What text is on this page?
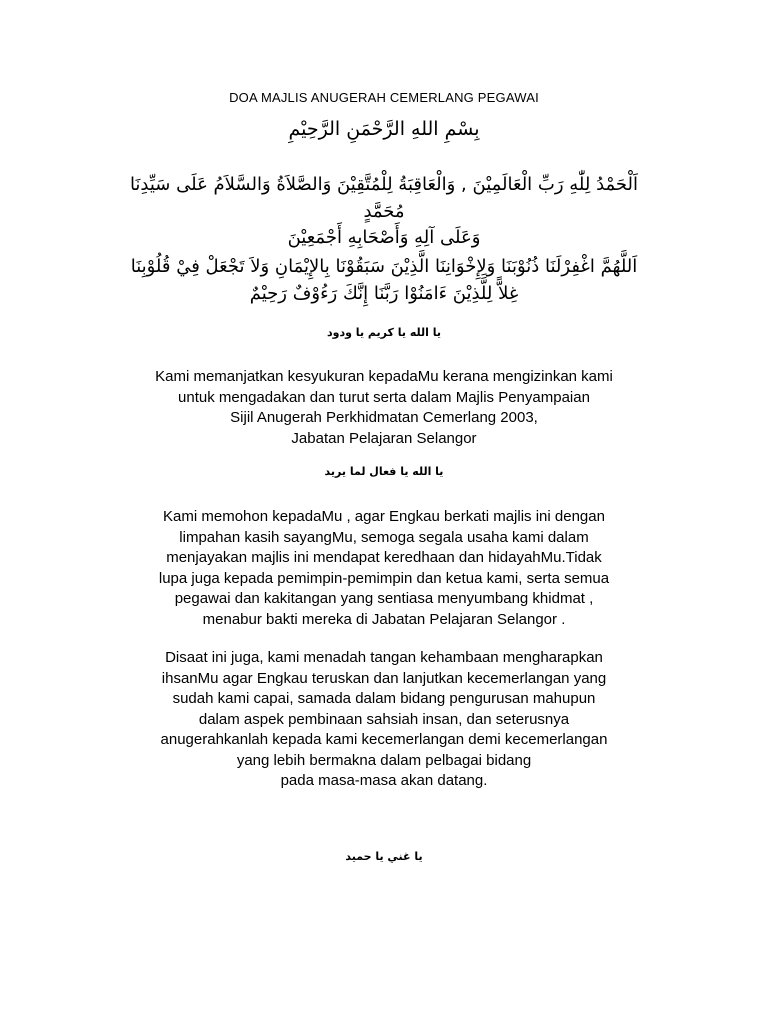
DOA MAJLIS ANUGERAH CEMERLANG PEGAWAI
بِسْمِ اللهِ الرَّحْمَنِ الرَّحِيْمِ
اَلْحَمْدُ لِلّٰهِ رَبِّ الْعَالَمِيْنَ , وَالْعَاقِبَةُ لِلْمُتَّقِيْنَ وَالصَّلاَةُ وَالسَّلاَمُ عَلَى سَيِّدِنَا
مُحَمَّدٍ
وَعَلَى آلِهِ وَأَصْحَابِهِ أَجْمَعِيْنَ
اَللَّهُمَّ اغْفِرْلَنَا ذُنُوْبَنَا وَلِإِخْوَانِنَا الَّذِيْنَ سَبَقُوْنَا بِالإِيْمَانِ وَلاَ تَجْعَلْ فِيْ قُلُوْبِنَا
غِلاًّ لِلَّذِيْنَ ءَامَنُوْا رَبَّنَا إِنَّكَ رَءُوْفٌ رَحِيْمٌ
يا الله يا كريم يا ودود
Kami memanjatkan kesyukuran kepadaMu kerana mengizinkan kami
untuk mengadakan dan turut serta dalam Majlis Penyampaian
Sijil Anugerah Perkhidmatan Cemerlang 2003,
Jabatan Pelajaran Selangor
يا الله يا فعال لما يريد
Kami memohon kepadaMu , agar Engkau berkati majlis ini dengan
limpahan kasih sayangMu, semoga segala usaha kami dalam
menjayakan majlis ini mendapat keredhaan dan hidayahMu.Tidak
lupa juga kepada pemimpin-pemimpin dan ketua kami, serta semua
pegawai dan kakitangan yang sentiasa menyumbang khidmat ,
menabur bakti mereka di Jabatan Pelajaran Selangor .
Disaat ini juga, kami menadah tangan kehambaan mengharapkan
ihsanMu agar Engkau teruskan dan lanjutkan kecemerlangan yang
sudah kami capai, samada dalam bidang pengurusan mahupun
dalam aspek pembinaan sahsiah insan, dan seterusnya
anugerahkanlah kepada kami kecemerlangan demi kecemerlangan
yang lebih bermakna dalam pelbagai bidang
pada masa-masa akan datang.
يا غني يا حميد
